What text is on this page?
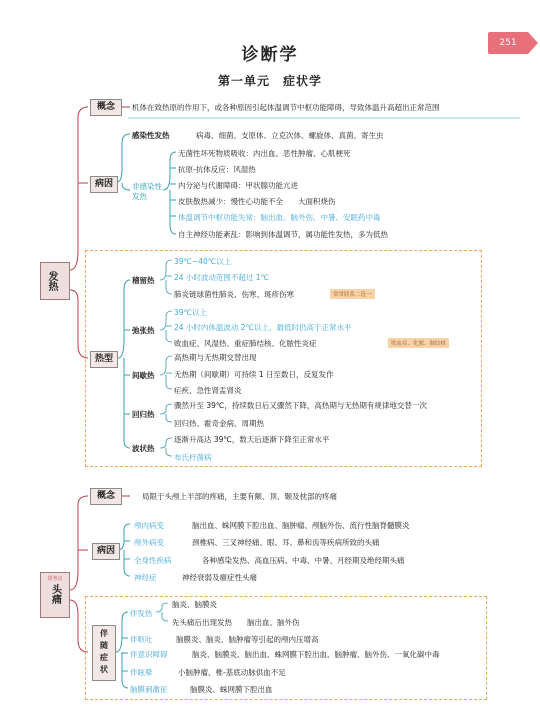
251
诊断学
第一单元　症状学
发热
概念	机体在致热原的作用下，或各种原因引起体温调节中枢功能障碍，导致体温升高超出正常范围
病因
感染性发热	病毒、细菌、支原体、立克次体、螺旋体、真菌、寄生虫
非感染性发热
无菌性坏死物质吸收：内出血、恶性肿瘤、心肌梗死
抗原-抗体反应：风湿热
内分泌与代谢障碍：甲状腺功能亢进
皮肤散热减少：慢性心功能不全　　大面积烧伤
体温调节中枢功能失常：脑出血、脑外伤、中暑、安眠药中毒
自主神经功能紊乱：影响到体温调节，属功能性发热，多为低热
热型
稽留热
39℃~40℃以上
24 小时波动范围不超过 1℃
肺炎链球菌性肺炎、伤寒、斑疹伤寒	常常联系二选一
弛张热
39℃以上
24 小时内体温波动 2℃以上，最低时仍高于正常水平
败血症、风湿热、重症肺结核、化脓性炎症	败血症、化脓、肺结核
间歇热
高热期与无热期交替出现
无热期（间歇期）可持续 1 日至数日，反复发作
疟疾、急性肾盂肾炎
回归热
骤然升至 39℃，持续数日后又骤然下降，高热期与无热期有规律地交替一次
回归热、霍奇金病、周期热
波状热
逐渐升高达 39℃，数天后逐渐下降至正常水平
布氏杆菌病
常考点
头痛
概念	局限于头颅上半部的疼痛，主要有额、顶、颞及枕部的疼痛
病因
颅内病变	脑出血、蛛网膜下腔出血、脑肿瘤、颅脑外伤、流行性脑脊髓膜炎
颅外病变	颈椎病、三叉神经痛、眼、耳、鼻和齿等疾病所致的头痛
全身性疾病	各种感染发热、高血压病、中毒、中暑、月经期及绝经期头痛
神经症	神经衰弱及癔症性头痛
伴随症状
伴发热
脑炎、脑膜炎
先头痛后出现发热　　脑出血、脑外伤
伴呕吐	脑膜炎、脑炎、脑肿瘤等引起的颅内压增高
伴意识障碍	脑炎、脑膜炎、脑出血、蛛网膜下腔出血、脑肿瘤、脑外伤、一氧化碳中毒
伴眩晕	小脑肿瘤、椎-基底动脉供血不足
脑膜刺激征	脑膜炎、蛛网膜下腔出血
